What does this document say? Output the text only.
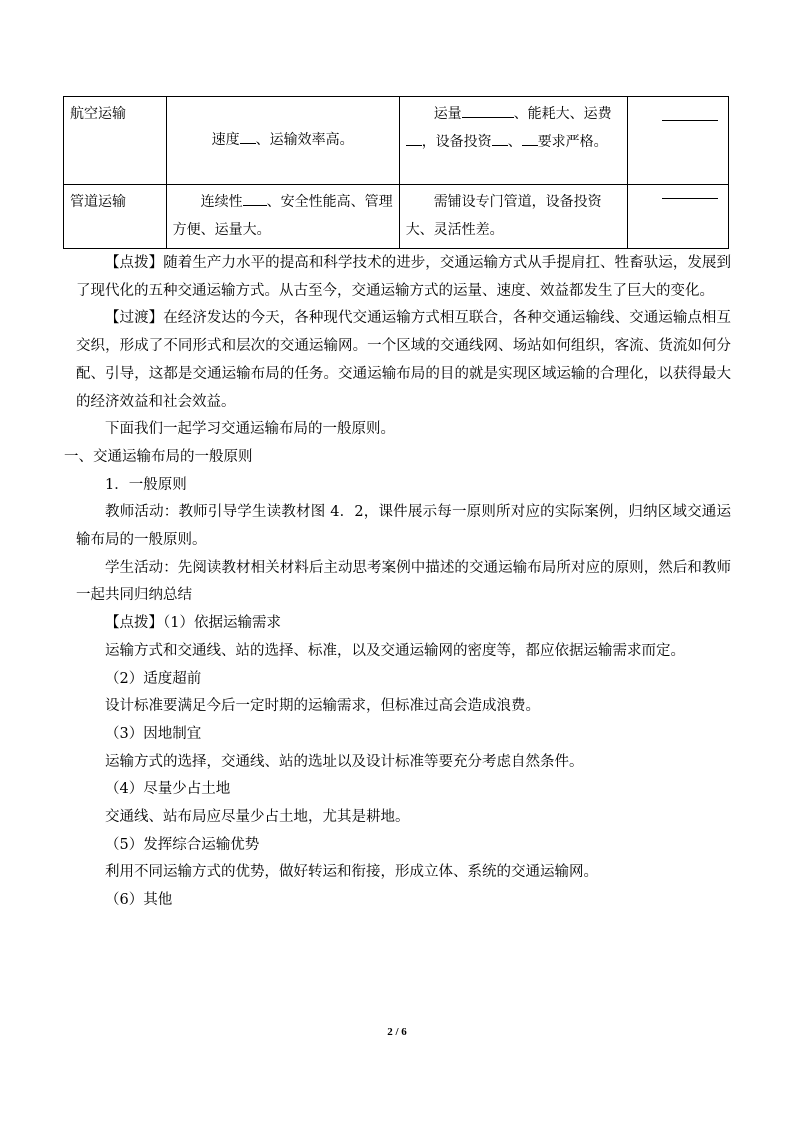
航空运输	速度 、运输效率高。	运量 、能耗大、运费，设备投资 、 要求严格。	

管道运输	连续性 、安全性能高、管理方便、运量大。	需铺设专门管道，设备投资大、灵活性差。	

【点拨】随着生产力水平的提高和科学技术的进步，交通运输方式从手提肩扛、牲畜驮运，发展到了现代化的五种交通运输方式。从古至今，交通运输方式的运量、速度、效益都发生了巨大的变化。

【过渡】在经济发达的今天，各种现代交通运输方式相互联合，各种交通运输线、交通运输点相互交织，形成了不同形式和层次的交通运输网。一个区域的交通线网、场站如何组织，客流、货流如何分配、引导，这都是交通运输布局的任务。交通运输布局的目的就是实现区域运输的合理化，以获得最大的经济效益和社会效益。

下面我们一起学习交通运输布局的一般原则。

一、交通运输布局的一般原则

1．一般原则

教师活动：教师引导学生读教材图 4．2，课件展示每一原则所对应的实际案例，归纳区域交通运输布局的一般原则。

学生活动：先阅读教材相关材料后主动思考案例中描述的交通运输布局所对应的原则，然后和教师一起共同归纳总结

【点拨】（1）依据运输需求

运输方式和交通线、站的选择、标准，以及交通运输网的密度等，都应依据运输需求而定。

（2）适度超前

设计标准要满足今后一定时期的运输需求，但标准过高会造成浪费。

（3）因地制宜

运输方式的选择，交通线、站的选址以及设计标准等要充分考虑自然条件。

（4）尽量少占土地

交通线、站布局应尽量少占土地，尤其是耕地。

（5）发挥综合运输优势

利用不同运输方式的优势，做好转运和衔接，形成立体、系统的交通运输网。

（6）其他

2 / 6
